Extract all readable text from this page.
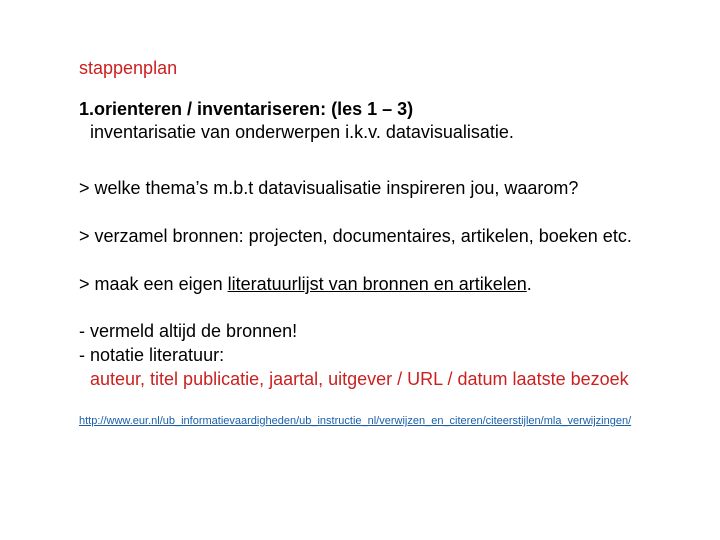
stappenplan
1.orienteren / inventariseren: (les 1 – 3)
inventarisatie van onderwerpen i.k.v. datavisualisatie.
> welke thema’s m.b.t datavisualisatie inspireren jou, waarom?
> verzamel bronnen: projecten, documentaires, artikelen, boeken etc.
> maak een eigen literatuurlijst van bronnen en artikelen.
- vermeld altijd de bronnen!
- notatie literatuur:
auteur, titel publicatie, jaartal, uitgever / URL / datum laatste bezoek
http://www.eur.nl/ub_informatievaardigheden/ub_instructie_nl/verwijzen_en_citeren/citeerstijlen/mla_verwijzingen/
